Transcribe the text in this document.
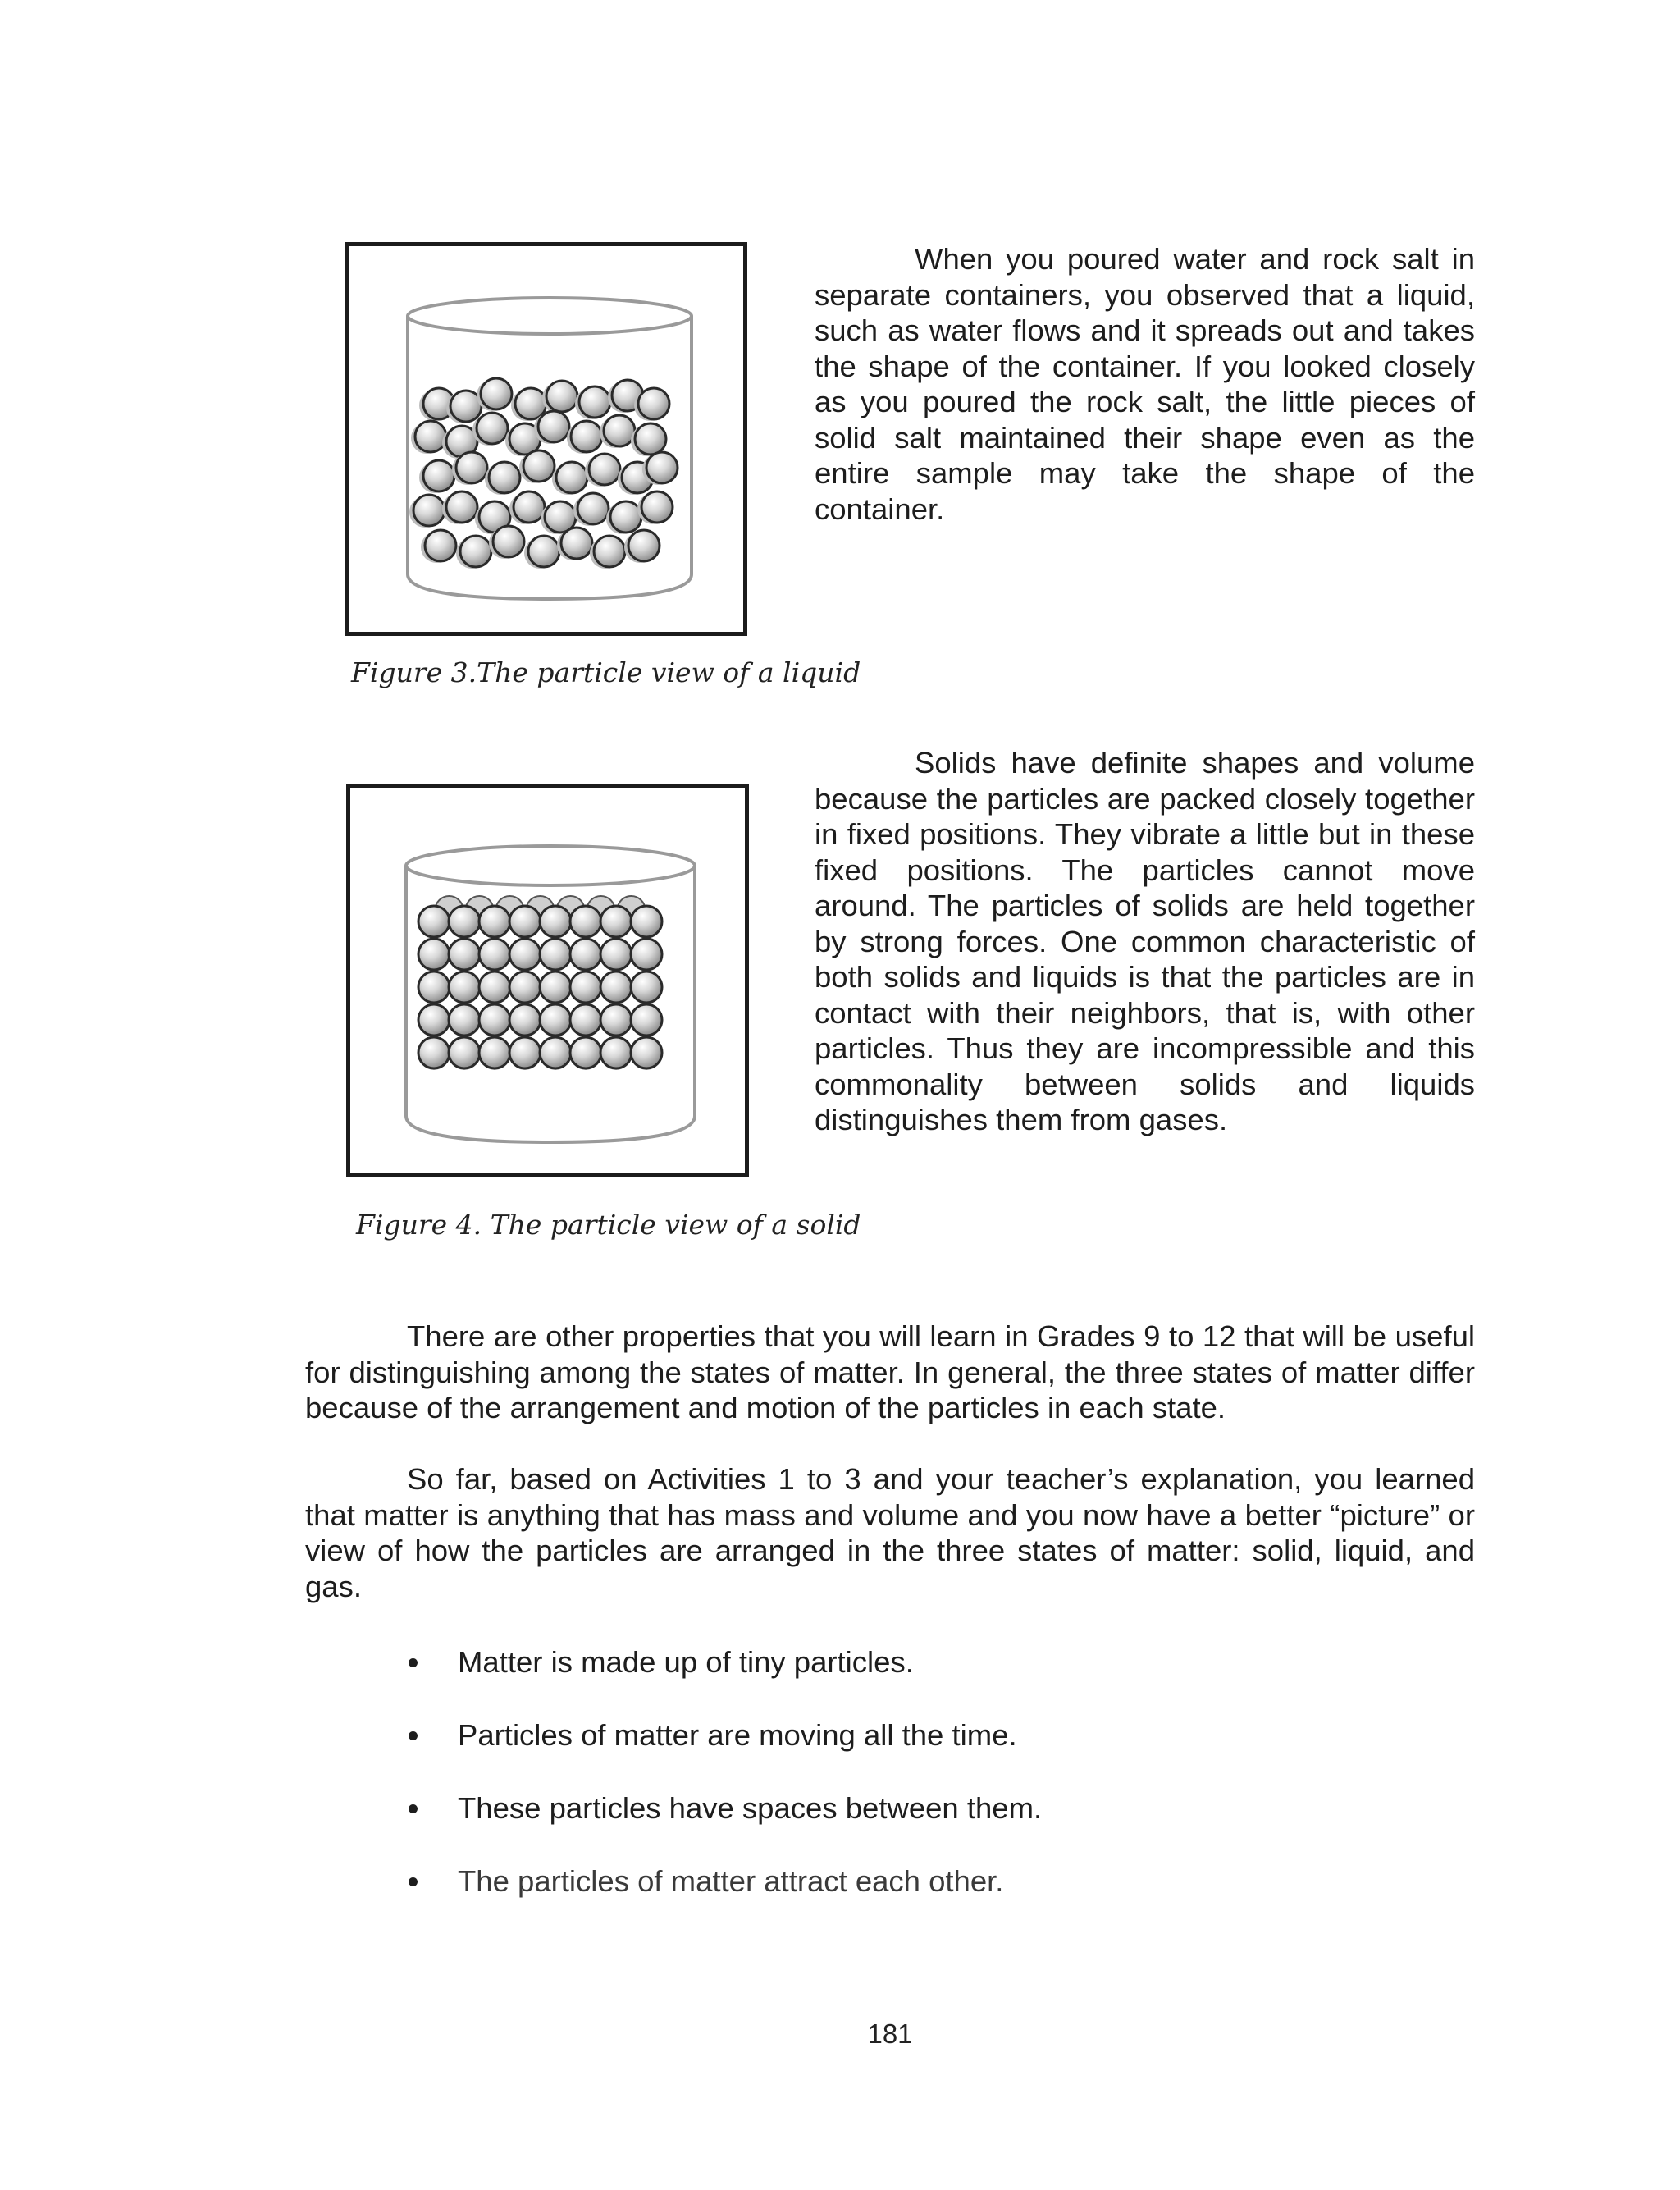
Figure 3.The particle view of a liquid

When you poured water and rock salt in separate containers, you observed that a liquid, such as water flows and it spreads out and takes the shape of the container. If you looked closely as you poured the rock salt, the little pieces of solid salt maintained their shape even as the entire sample may take the shape of the container.

Figure 4. The particle view of a solid

Solids have definite shapes and volume because the particles are packed closely together in fixed positions. They vibrate a little but in these fixed positions. The particles cannot move around. The particles of solids are held together by strong forces. One common characteristic of both solids and liquids is that the particles are in contact with their neighbors, that is, with other particles. Thus they are incompressible and this commonality between solids and liquids distinguishes them from gases.

There are other properties that you will learn in Grades 9 to 12 that will be useful for distinguishing among the states of matter. In general, the three states of matter differ because of the arrangement and motion of the particles in each state.

So far, based on Activities 1 to 3 and your teacher’s explanation, you learned that matter is anything that has mass and volume and you now have a better “picture” or view of how the particles are arranged in the three states of matter: solid, liquid, and gas.

Matter is made up of tiny particles.
Particles of matter are moving all the time.
These particles have spaces between them.
The particles of matter attract each other.
181
